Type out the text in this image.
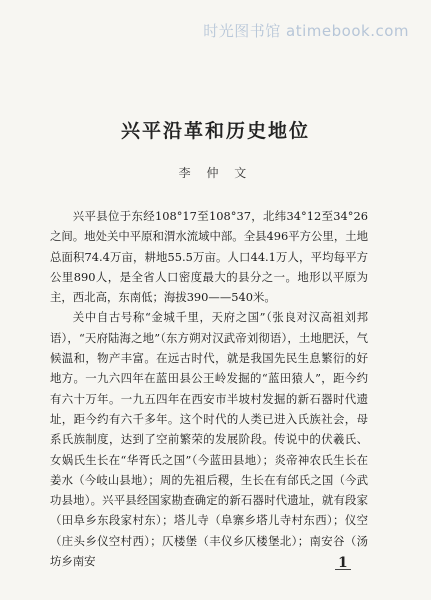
时光图书馆 atimebook.com
兴平沿革和历史地位
李 仲 文

兴平县位于东经108°17至108°37，北纬34°12至34°26之间。地处关中平原和渭水流域中部。全县496平方公里，土地总面积74.4万亩，耕地55.5万亩。人口44.1万人，平均每平方公里890人，是全省人口密度最大的县分之一。地形以平原为主，西北高，东南低；海拔390——540米。

关中自古号称“金城千里，天府之国”（张良对汉高祖刘邦语），“天府陆海之地”（东方朔对汉武帝刘彻语），土地肥沃，气候温和，物产丰富。在远古时代，就是我国先民生息繁衍的好地方。一九六四年在蓝田县公王岭发掘的“蓝田猿人”，距今约有六十万年。一九五四年在西安市半坡村发掘的新石器时代遗址，距今约有六千多年。这个时代的人类已进入氏族社会，母系氏族制度，达到了空前繁荣的发展阶段。传说中的伏羲氏、女娲氏生长在“华胥氏之国”（今蓝田县地）；炎帝神农氏生长在姜水（今岐山县地）；周的先祖后稷，生长在有邰氏之国（今武功县地）。兴平县经国家勘查确定的新石器时代遗址，就有段家（田阜乡东段家村东）；塔儿寺（阜寨乡塔儿寺村东西）；仪空（庄头乡仪空村西）；仄楼堡（丰仪乡仄楼堡北）；南安谷（汤坊乡南安	1
